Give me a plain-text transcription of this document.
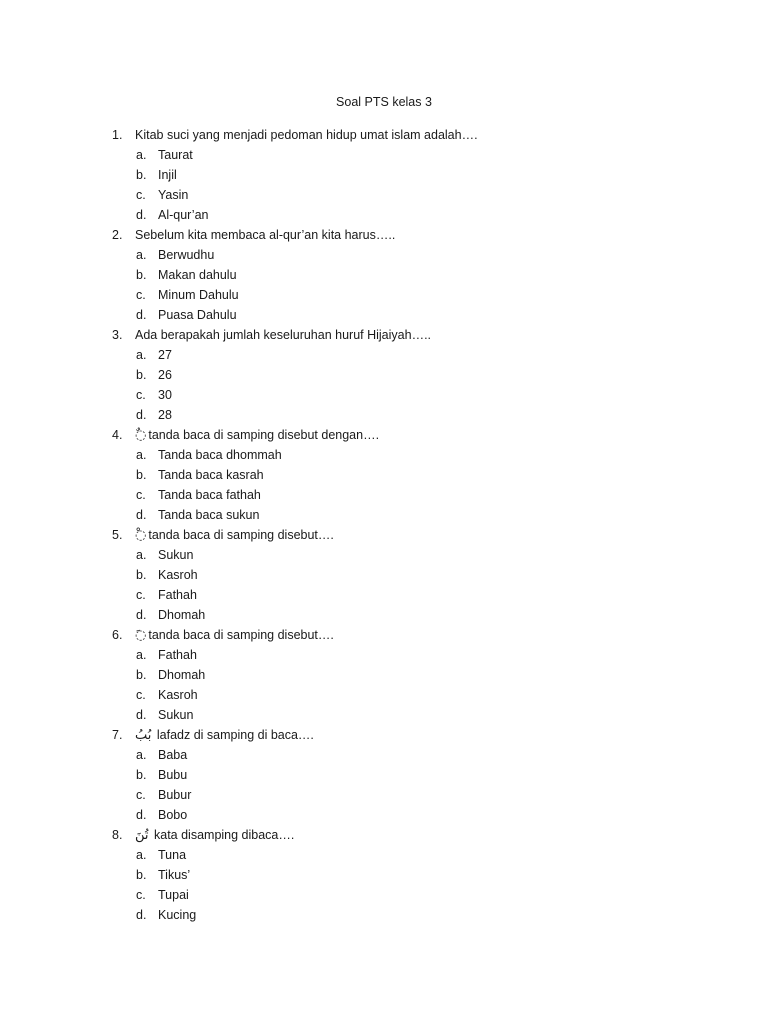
Soal PTS kelas 3
1. Kitab suci yang menjadi pedoman hidup umat islam adalah….
a. Taurat
b. Injil
c. Yasin
d. Al-qur’an
2. Sebelum kita membaca al-qur’an kita harus…..
a. Berwudhu
b. Makan dahulu
c. Minum Dahulu
d. Puasa Dahulu
3. Ada berapakah jumlah keseluruhan huruf Hijaiyah…..
a. 27
b. 26
c. 30
d. 28
4. ◌ٌ tanda baca di samping disebut dengan….
a. Tanda baca dhommah
b. Tanda baca kasrah
c. Tanda baca fathah
d. Tanda baca sukun
5. ◌ْ tanda baca di samping disebut….
a. Sukun
b. Kasroh
c. Fathah
d. Dhomah
6. ◌َ tanda baca di samping disebut….
a. Fathah
b. Dhomah
c. Kasroh
d. Sukun
7. بُبُ lafadz di samping di baca….
a. Baba
b. Bubu
c. Bubur
d. Bobo
8. تُنَ kata disamping dibaca….
a. Tuna
b. Tikus’
c. Tupai
d. Kucing
